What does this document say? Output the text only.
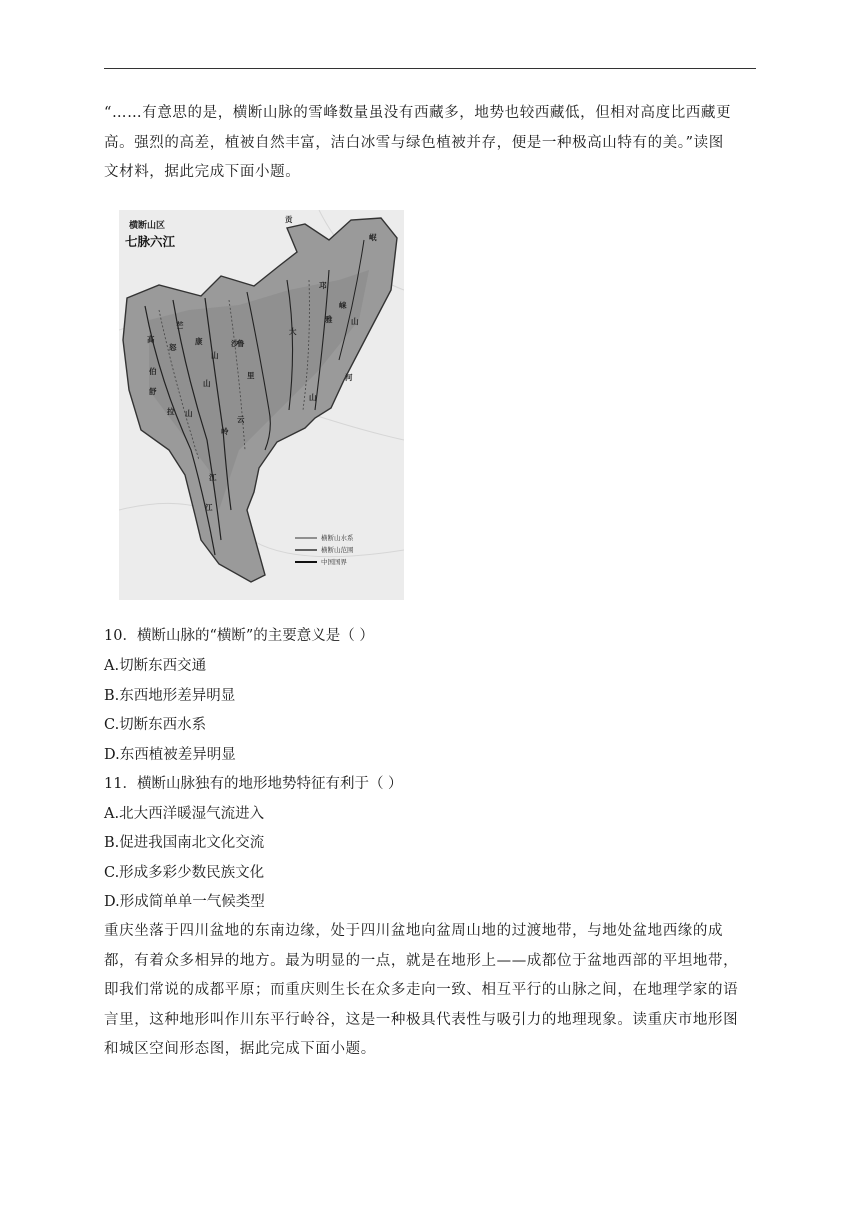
“……有意思的是，横断山脉的雪峰数量虽没有西藏多，地势也较西藏低，但相对高度比西藏更
高。强烈的高差，植被自然丰富，洁白冰雪与绿色植被并存，便是一种极高山特有的美。”读图
文材料，据此完成下面小题。
横断山区
七脉六江
芒
康
怒
高
伯
舒
拉
山
山
山
沙
鲁
里
大
邛
崃
山
山
云
岭
江
江
雅
河
岷
贡
横断山水系
横断山范围
中国国界
10．横断山脉的“横断”的主要意义是（ ）
A.切断东西交通
B.东西地形差异明显
C.切断东西水系
D.东西植被差异明显
11．横断山脉独有的地形地势特征有利于（ ）
A.北大西洋暖湿气流进入
B.促进我国南北文化交流
C.形成多彩少数民族文化
D.形成简单单一气候类型
重庆坐落于四川盆地的东南边缘，处于四川盆地向盆周山地的过渡地带，与地处盆地西缘的成
都，有着众多相异的地方。最为明显的一点，就是在地形上——成都位于盆地西部的平坦地带，
即我们常说的成都平原；而重庆则生长在众多走向一致、相互平行的山脉之间，在地理学家的语
言里，这种地形叫作川东平行岭谷，这是一种极具代表性与吸引力的地理现象。读重庆市地形图
和城区空间形态图，据此完成下面小题。
